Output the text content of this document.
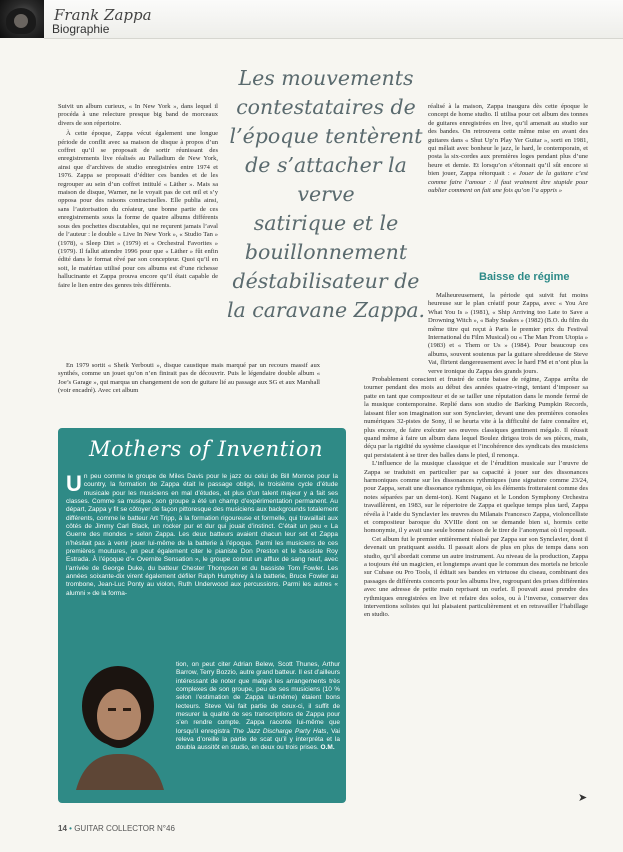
Frank Zappa
Biographie
Les mouvements
contestataires de
l’époque tentèrent
de s’attacher la verve
satirique et le
bouillonnement
déstabilisateur de
la caravane Zappa.

Suivit un album curieux, « In New York », dans lequel il procéda à une relecture presque big band de morceaux divers de son répertoire.

À cette époque, Zappa vécut également une longue période de conflit avec sa maison de disque à propos d’un coffret qu’il se proposait de sortir réunissant des enregistrements live réalisés au Palladium de New York, ainsi que d’archives de studio enregistrées entre 1974 et 1976. Zappa se proposait d’éditer ces bandes et de les regrouper au sein d’un coffret intitulé « Läther ». Mais sa maison de disque, Warner, ne le voyait pas de cet œil et s’y opposa pour des raisons contractuelles. Elle publia ainsi, sans l’autorisation du créateur, une bonne partie de ces enregistrements sous la forme de quatre albums différents sous des pochettes discutables, qui ne reçurent jamais l’aval de l’auteur : le double « Live In New York », « Studio Tan » (1978), « Sleep Dirt » (1979) et « Orchestral Favorites » (1979). Il fallut attendre 1996 pour que « Läther » fût enfin édité dans le format rêvé par son concepteur. Quoi qu’il en soit, le matériau utilisé pour ces albums est d’une richesse hallucinante et Zappa prouva encore qu’il était capable de faire le lien entre des genres très différents.

En 1979 sortit « Sheik Yerbouti », disque caustique mais marqué par un recours massif aux synthés, comme un jouet qu’on n’en finirait pas de découvrir. Puis le légendaire double album « Joe’s Garage », qui marqua un changement de son de guitare lié au passage aux SG et aux Marshall (voir encadré). Avec cet album

Mothers of Invention
Un peu comme le groupe de Miles Davis pour le jazz ou celui de Bill Monroe pour la country, la formation de Zappa était le passage obligé, le troisième cycle d’étude musicale pour les musiciens en mal d’études, et plus d’un talent majeur y a fait ses classes. Comme sa musique, son groupe a été un champ d’expérimentation permanent. Au départ, Zappa y fit se côtoyer de façon pittoresque des musiciens aux backgrounds totalement différents, comme le batteur Art Tripp, à la formation rigoureuse et formelle, qui travaillait aux côtés de Jimmy Carl Black, un rocker pur et dur qui jouait d’instinct. C’était un peu « La Guerre des mondes » selon Zappa. Les deux batteurs avaient chacun leur set et Zappa n’hésitait pas à venir jouer lui-même de la batterie à l’époque. Parmi les musiciens de ces premières moutures, on peut également citer le pianiste Don Preston et le bassiste Roy Estrada. À l’époque d’« Overnite Sensation », le groupe connut un afflux de sang neuf, avec l’arrivée de George Duke, du batteur Chester Thompson et du bassiste Tom Fowler. Les années soixante-dix virent également défiler Ralph Humphrey à la batterie, Bruce Fowler au trombone, Jean-Luc Ponty au violon, Ruth Underwood aux percussions. Parmi les autres « alumni » de la forma-
tion, on peut citer Adrian Belew, Scott Thunes, Arthur Barrow, Terry Bozzio, autre grand batteur. Il est d’ailleurs intéressant de noter que malgré les arrangements très complexes de son groupe, peu de ses musiciens (10 % selon l’estimation de Zappa lui-même) étaient bons lecteurs. Steve Vai fait partie de ceux-ci, il suffit de mesurer la qualité de ses transcriptions de Zappa pour s’en rendre compte. Zappa raconte lui-même que lorsqu’il enregistra The Jazz Discharge Party Hats, Vai releva d’oreille la partie de scat qu’il y interpréta et la doubla aussitôt en studio, en deux ou trois prises. O.M.

réalisé à la maison, Zappa inaugura dès cette époque le concept de home studio. Il utilisa pour cet album des tonnes de guitares enregistrées en live, qu’il amenait au studio sur des bandes. On retrouvera cette même mise en avant des guitares dans « Shut Up’n Play Yer Guitar », sorti en 1981, qui mêlait avec bonheur le jazz, le hard, le contemporain, et posta la six-cordes aux premières loges pendant plus d’une heure et demie. Et lorsqu’on s’étonnait qu’il sût encore si bien jouer, Zappa rétorquait : « Jouer de la guitare c’est comme faire l’amour : il faut vraiment être stupide pour oublier comment on fait une fois qu’on l’a appris »

Baisse de régime

Malheureusement, la période qui suivit fut moins heureuse sur le plan créatif pour Zappa, avec « You Are What You Is » (1981), « Ship Arriving too Late to Save a Drowning Witch », « Baby Snakes » (1982) (B.O. du film du même titre qui reçut à Paris le premier prix du Festival International du Film Musical) ou « The Man From Utopia » (1983) et « Them or Us » (1984). Pour beaucoup ces albums, souvent soutenus par la guitare shreddeuse de Steve Vai, flirtent dangereusement avec le hard FM et n’ont plus la verve ironique du Zappa des grands jours.

Probablement conscient et frustré de cette baisse de régime, Zappa arrêta de tourner pendant des mois au début des années quatre-vingt, tentant d’imposer sa patte en tant que compositeur et de se tailler une réputation dans le monde fermé de la musique contemporaine. Replié dans son studio de Barking Pumpkin Records, laissant filer son imagination sur son Synclavier, devant une des premières consoles numériques 32-pistes de Sony, il se heurta vite à la difficulté de faire connaître et, plus encore, de faire exécuter ses œuvres classiques gentiment mégalo. Il réussit quand même à faire un album dans lequel Boulez dirigea trois de ses pièces, mais, déçu par la rigidité du système classique et l’incohérence des syndicats des musiciens qui persistaient à se tirer des balles dans le pied, il renonça.

L’influence de la musique classique et de l’érudition musicale sur l’œuvre de Zappa se traduisit en particulier par sa capacité à jouer sur des dissonances harmoniques comme sur les dissonances rythmiques (une signature comme 23/24, pour Zappa, serait une dissonance rythmique, où les éléments frotteraient comme des notes séparées par un demi-ton). Kent Nagano et le London Symphony Orchestra travaillèrent, en 1983, sur le répertoire de Zappa et quelque temps plus tard, Zappa révéla à l’aide du Synclavier les œuvres du Milanais Francesco Zappa, violoncelliste et compositeur baroque du XVIIIe dont on se demande bien si, hormis cette homonymie, il y avait une seule bonne raison de le tirer de l’anonymat où il reposait.

Cet album fut le premier entièrement réalisé par Zappa sur son Synclavier, dont il devenait un pratiquant assidu. Il passait alors de plus en plus de temps dans son studio, qu’il abordait comme un autre instrument. Au niveau de la production, Zappa a toujours été un magicien, et longtemps avant que le commun des mortels ne bricole sur Cubase ou Pro Tools, il éditait ses bandes en virtuose du ciseau, combinant des passages de différents concerts pour les albums live, regroupant des prises différentes avec une adresse de petite main reprisant un ourlet. Il pouvait aussi prendre des rythmiques enregistrées en live et refaire des solos, ou à l’inverse, conserver des interventions solistes qui lui plaisaient particulièrement et en retravailler l’habillage en studio.

14 • GUITAR COLLECTOR N°46
➤
